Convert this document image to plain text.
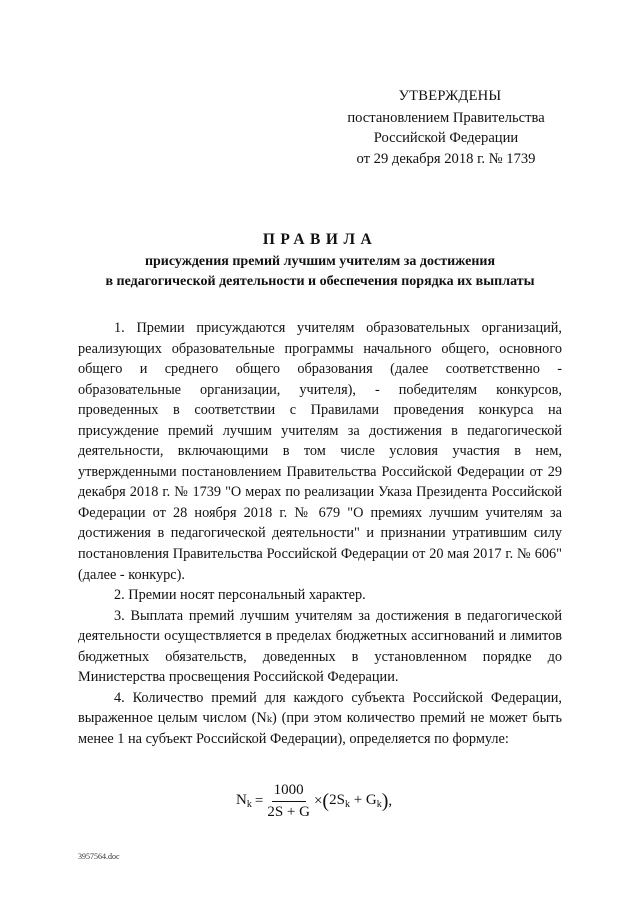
УТВЕРЖДЕНЫ
постановлением Правительства
Российской Федерации
от 29 декабря 2018 г. № 1739
ПРАВИЛА
присуждения премий лучшим учителям за достижения
в педагогической деятельности и обеспечения порядка их выплаты

1. Премии присуждаются учителям образовательных организаций, реализующих образовательные программы начального общего, основного общего и среднего общего образования (далее соответственно - образовательные организации, учителя), - победителям конкурсов, проведенных в соответствии с Правилами проведения конкурса на присуждение премий лучшим учителям за достижения в педагогической деятельности, включающими в том числе условия участия в нем, утвержденными постановлением Правительства Российской Федерации от 29 декабря 2018 г. № 1739 "О мерах по реализации Указа Президента Российской Федерации от 28 ноября 2018 г. № 679 "О премиях лучшим учителям за достижения в педагогической деятельности" и признании утратившим силу постановления Правительства Российской Федерации от 20 мая 2017 г. № 606" (далее - конкурс).

2. Премии носят персональный характер.

3. Выплата премий лучшим учителям за достижения в педагогической деятельности осуществляется в пределах бюджетных ассигнований и лимитов бюджетных обязательств, доведенных в установленном порядке до Министерства просвещения Российской Федерации.

4. Количество премий для каждого субъекта Российской Федерации, выраженное целым числом (Nₖ) (при этом количество премий не может быть менее 1 на субъект Российской Федерации), определяется по формуле:

$N_k = \frac{1000}{2S + G}$ × ( $2S_k + G_k$ ) ,
3957564.doc
